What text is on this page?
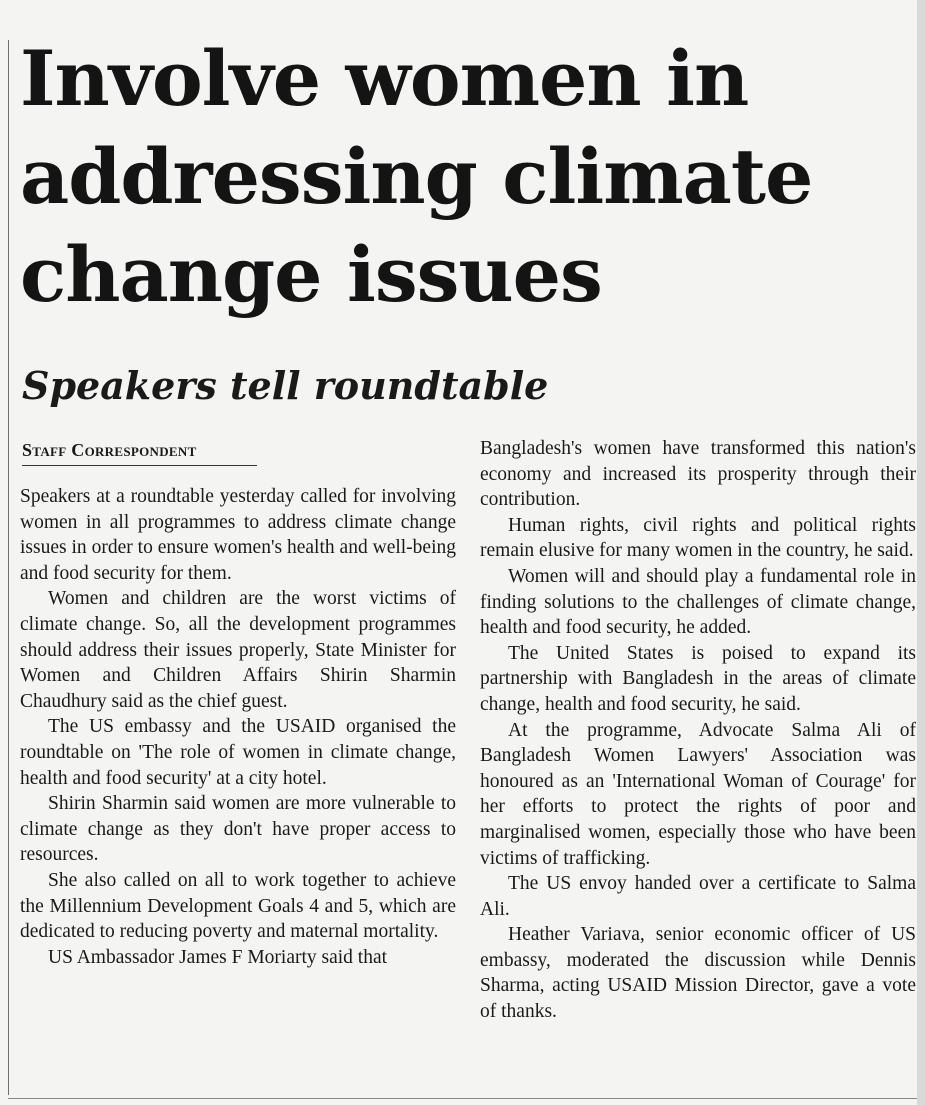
Involve women in addressing climate change issues
Speakers tell roundtable
Staff Correspondent

Speakers at a roundtable yesterday called for involving women in all programmes to address climate change issues in order to ensure women's health and well-being and food security for them.

Women and children are the worst victims of climate change. So, all the development programmes should address their issues properly, State Minister for Women and Children Affairs Shirin Sharmin Chaudhury said as the chief guest.

The US embassy and the USAID organised the roundtable on 'The role of women in climate change, health and food security' at a city hotel.

Shirin Sharmin said women are more vulnerable to climate change as they don't have proper access to resources.

She also called on all to work together to achieve the Millennium Development Goals 4 and 5, which are dedicated to reducing poverty and maternal mortality.

US Ambassador James F Moriarty said that

Bangladesh's women have transformed this nation's economy and increased its prosperity through their contribution.

Human rights, civil rights and political rights remain elusive for many women in the country, he said.

Women will and should play a fundamental role in finding solutions to the challenges of climate change, health and food security, he added.

The United States is poised to expand its partnership with Bangladesh in the areas of climate change, health and food security, he said.

At the programme, Advocate Salma Ali of Bangladesh Women Lawyers' Association was honoured as an 'International Woman of Courage' for her efforts to protect the rights of poor and marginalised women, especially those who have been victims of trafficking.

The US envoy handed over a certificate to Salma Ali.

Heather Variava, senior economic officer of US embassy, moderated the discussion while Dennis Sharma, acting USAID Mission Director, gave a vote of thanks.
